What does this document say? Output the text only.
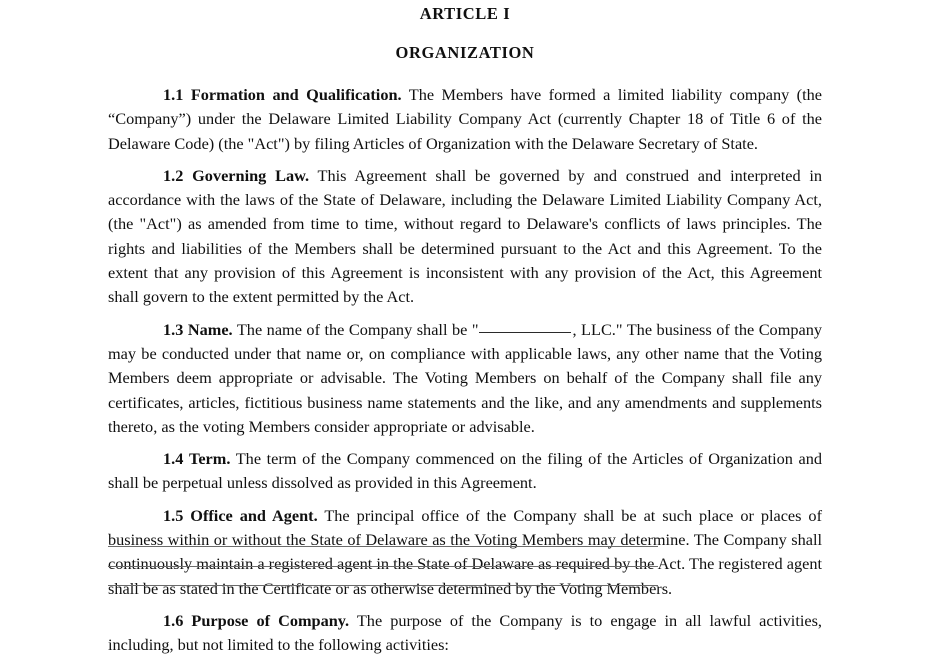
ARTICLE I
ORGANIZATION

1.1 Formation and Qualification. The Members have formed a limited liability company (the “Company”) under the Delaware Limited Liability Company Act (currently Chapter 18 of Title 6 of the Delaware Code) (the "Act") by filing Articles of Organization with the Delaware Secretary of State.

1.2 Governing Law. This Agreement shall be governed by and construed and interpreted in accordance with the laws of the State of Delaware, including the Delaware Limited Liability Company Act, (the "Act") as amended from time to time, without regard to Delaware's conflicts of laws principles. The rights and liabilities of the Members shall be determined pursuant to the Act and this Agreement. To the extent that any provision of this Agreement is inconsistent with any provision of the Act, this Agreement shall govern to the extent permitted by the Act.

1.3 Name. The name of the Company shall be "	, LLC." The business of the Company may be conducted under that name or, on compliance with applicable laws, any other name that the Voting Members deem appropriate or advisable. The Voting Members on behalf of the Company shall file any certificates, articles, fictitious business name statements and the like, and any amendments and supplements thereto, as the voting Members consider appropriate or advisable.

1.4 Term. The term of the Company commenced on the filing of the Articles of Organization and shall be perpetual unless dissolved as provided in this Agreement.

1.5 Office and Agent. The principal office of the Company shall be at such place or places of business within or without the State of Delaware as the Voting Members may determine. The Company shall continuously maintain a registered agent in the State of Delaware as required by the Act. The registered agent shall be as stated in the Certificate or as otherwise determined by the Voting Members.

1.6 Purpose of Company. The purpose of the Company is to engage in all lawful activities, including, but not limited to the following activities:
